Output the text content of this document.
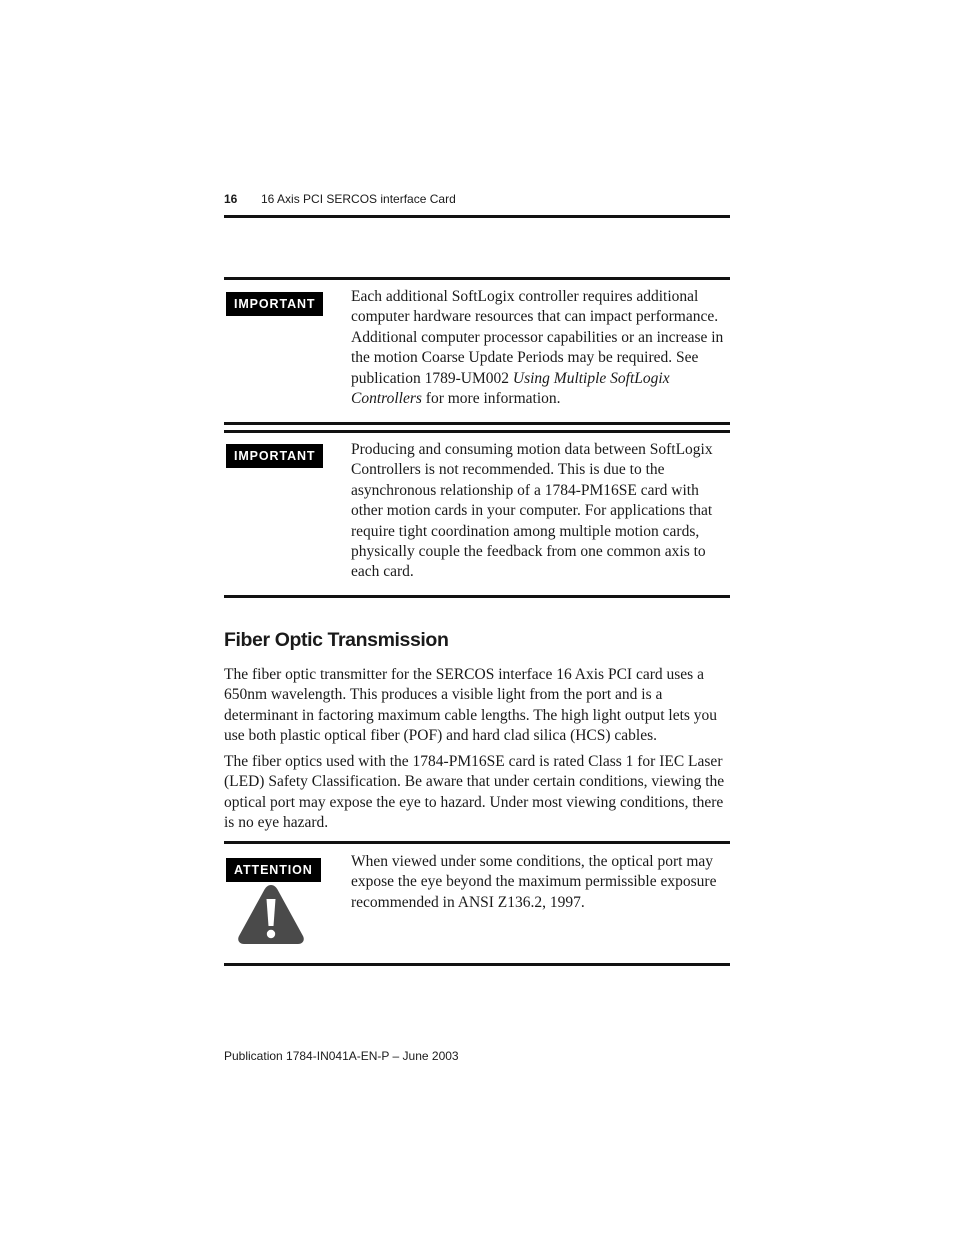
16 16 Axis PCI SERCOS interface Card
IMPORTANT	Each additional SoftLogix controller requires additional computer hardware resources that can impact performance. Additional computer processor capabilities or an increase in the motion Coarse Update Periods may be required. See publication 1789-UM002 Using Multiple SoftLogix Controllers for more information.

IMPORTANT	Producing and consuming motion data between SoftLogix Controllers is not recommended. This is due to the asynchronous relationship of a 1784-PM16SE card with other motion cards in your computer. For applications that require tight coordination among multiple motion cards, physically couple the feedback from one common axis to each card.

Fiber Optic Transmission

The fiber optic transmitter for the SERCOS interface 16 Axis PCI card uses a 650nm wavelength. This produces a visible light from the port and is a determinant in factoring maximum cable lengths. The high light output lets you use both plastic optical fiber (POF) and hard clad silica (HCS) cables.

The fiber optics used with the 1784-PM16SE card is rated Class 1 for IEC Laser (LED) Safety Classification. Be aware that under certain conditions, viewing the optical port may expose the eye to hazard. Under most viewing conditions, there is no eye hazard.

ATTENTION	When viewed under some conditions, the optical port may expose the eye beyond the maximum permissible exposure recommended in ANSI Z136.2, 1997.

Publication 1784-IN041A-EN-P – June 2003
